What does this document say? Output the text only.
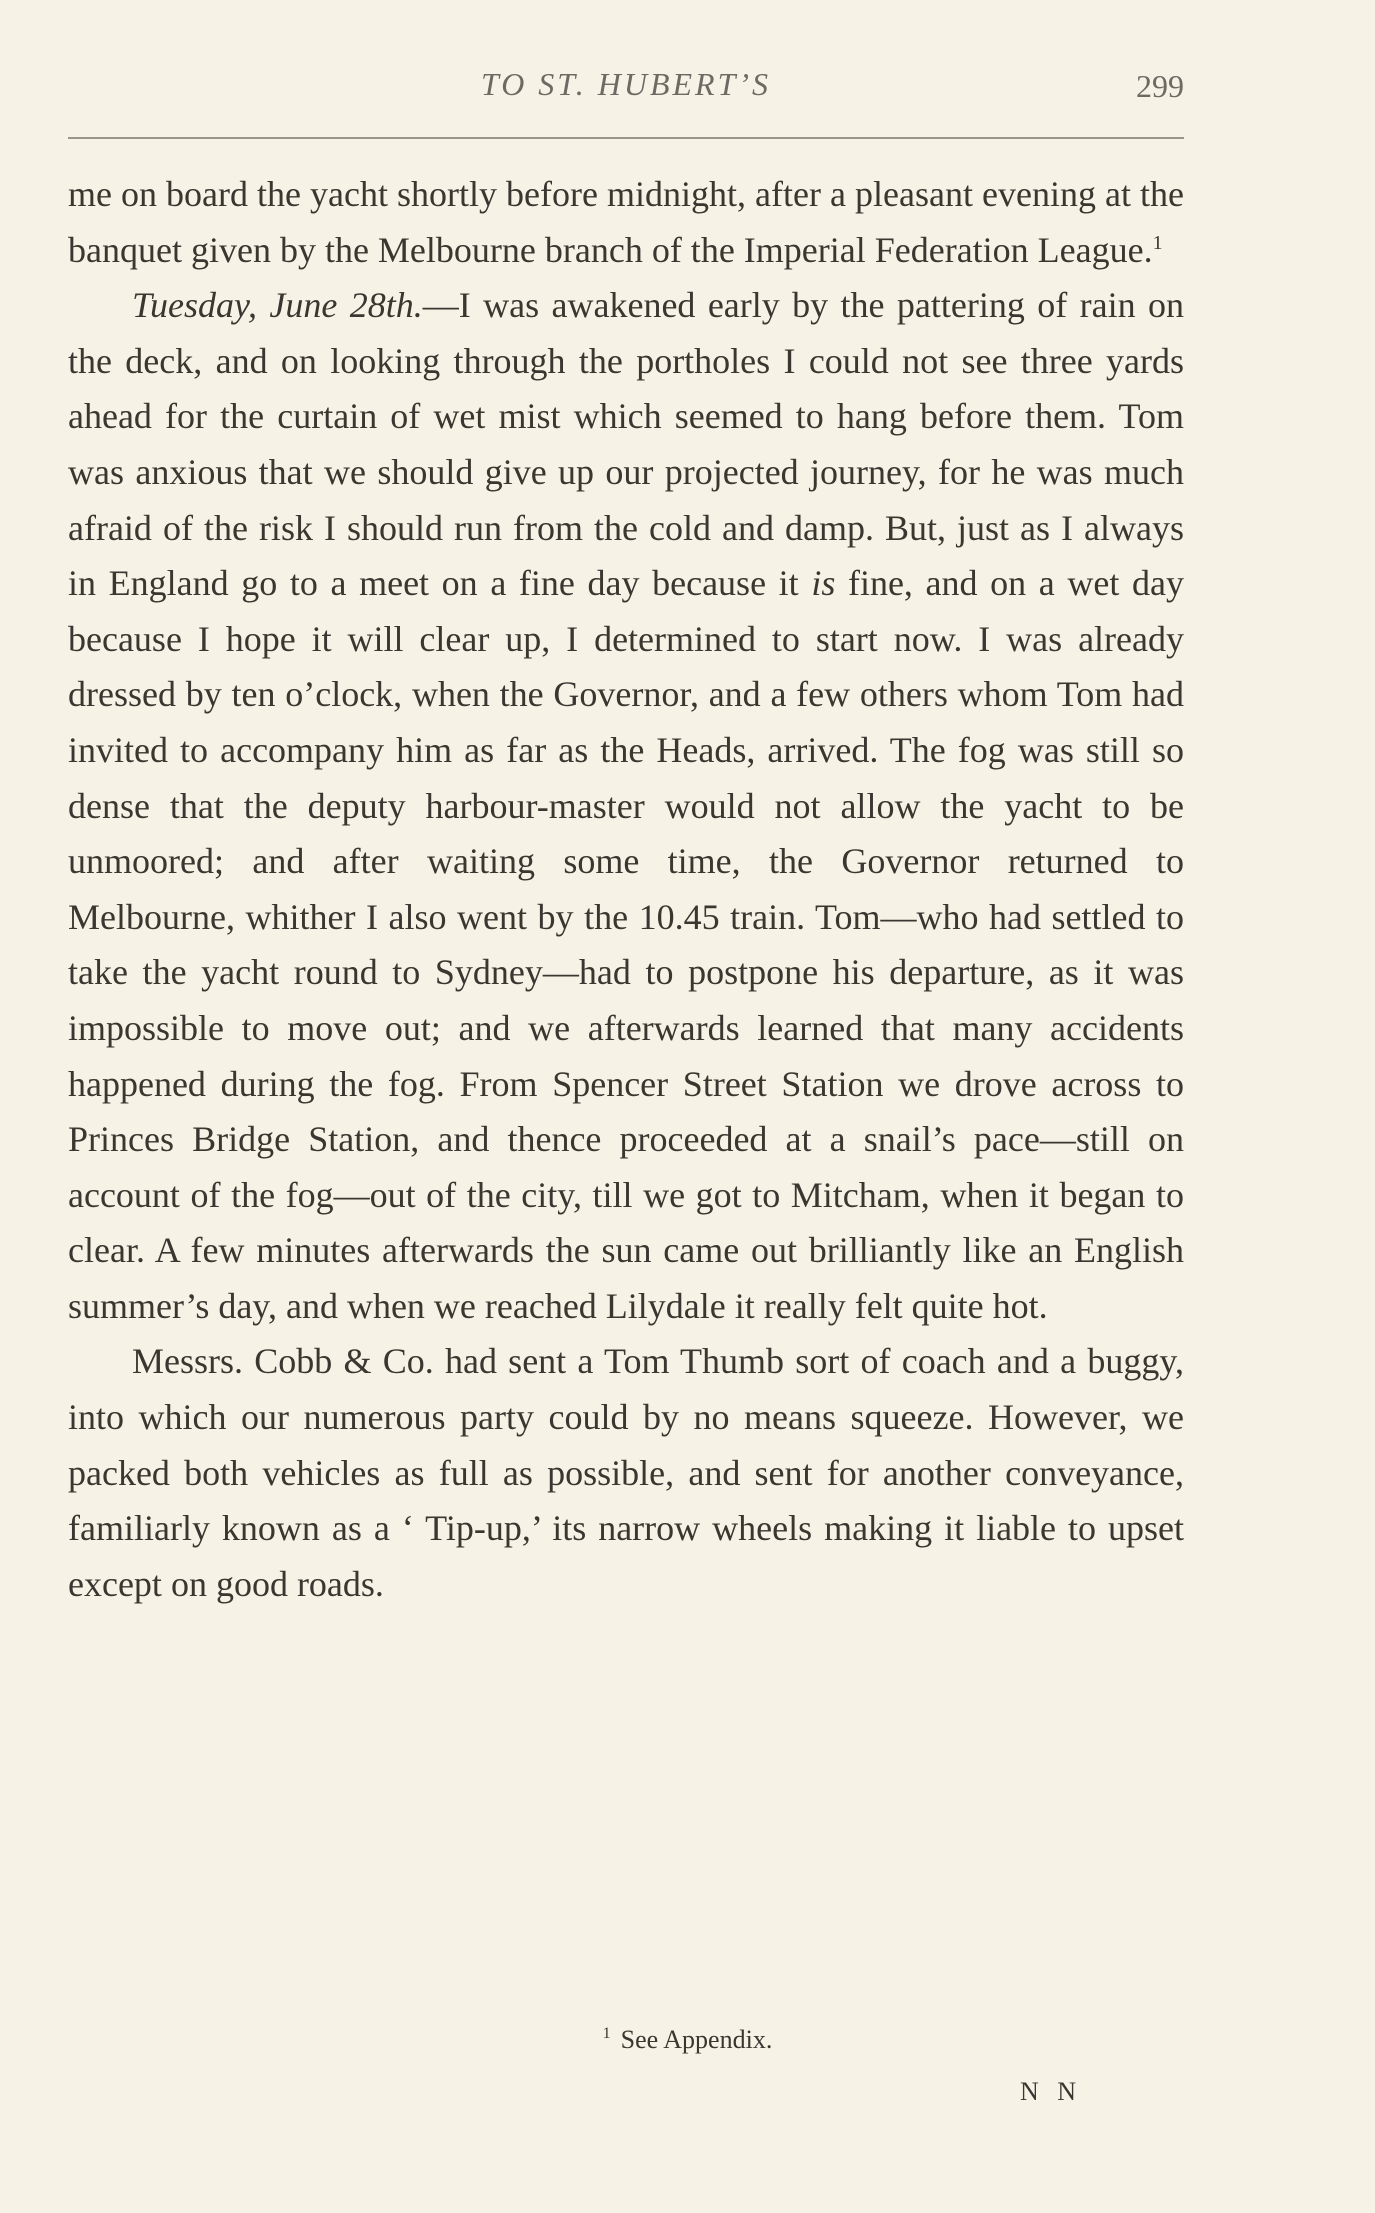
TO ST. HUBERT’S	299

me on board the yacht shortly before midnight, after a pleasant evening at the banquet given by the Melbourne branch of the Imperial Federation League.$^1$

Tuesday, June 28th.—I was awakened early by the pattering of rain on the deck, and on looking through the portholes I could not see three yards ahead for the curtain of wet mist which seemed to hang before them. Tom was anxious that we should give up our projected journey, for he was much afraid of the risk I should run from the cold and damp. But, just as I always in England go to a meet on a fine day because it is fine, and on a wet day because I hope it will clear up, I determined to start now. I was already dressed by ten o’clock, when the Governor, and a few others whom Tom had invited to accompany him as far as the Heads, arrived. The fog was still so dense that the deputy harbour-master would not allow the yacht to be unmoored; and after waiting some time, the Governor returned to Melbourne, whither I also went by the 10.45 train. Tom—who had settled to take the yacht round to Sydney—had to postpone his departure, as it was impossible to move out; and we afterwards learned that many accidents happened during the fog. From Spencer Street Station we drove across to Princes Bridge Station, and thence proceeded at a snail’s pace—still on account of the fog—out of the city, till we got to Mitcham, when it began to clear. A few minutes afterwards the sun came out brilliantly like an English summer’s day, and when we reached Lilydale it really felt quite hot.

Messrs. Cobb & Co. had sent a Tom Thumb sort of coach and a buggy, into which our numerous party could by no means squeeze. However, we packed both vehicles as full as possible, and sent for another conveyance, familiarly known as a ‘ Tip-up,’ its narrow wheels making it liable to upset except on good roads.

$^1$ See Appendix.
N N
